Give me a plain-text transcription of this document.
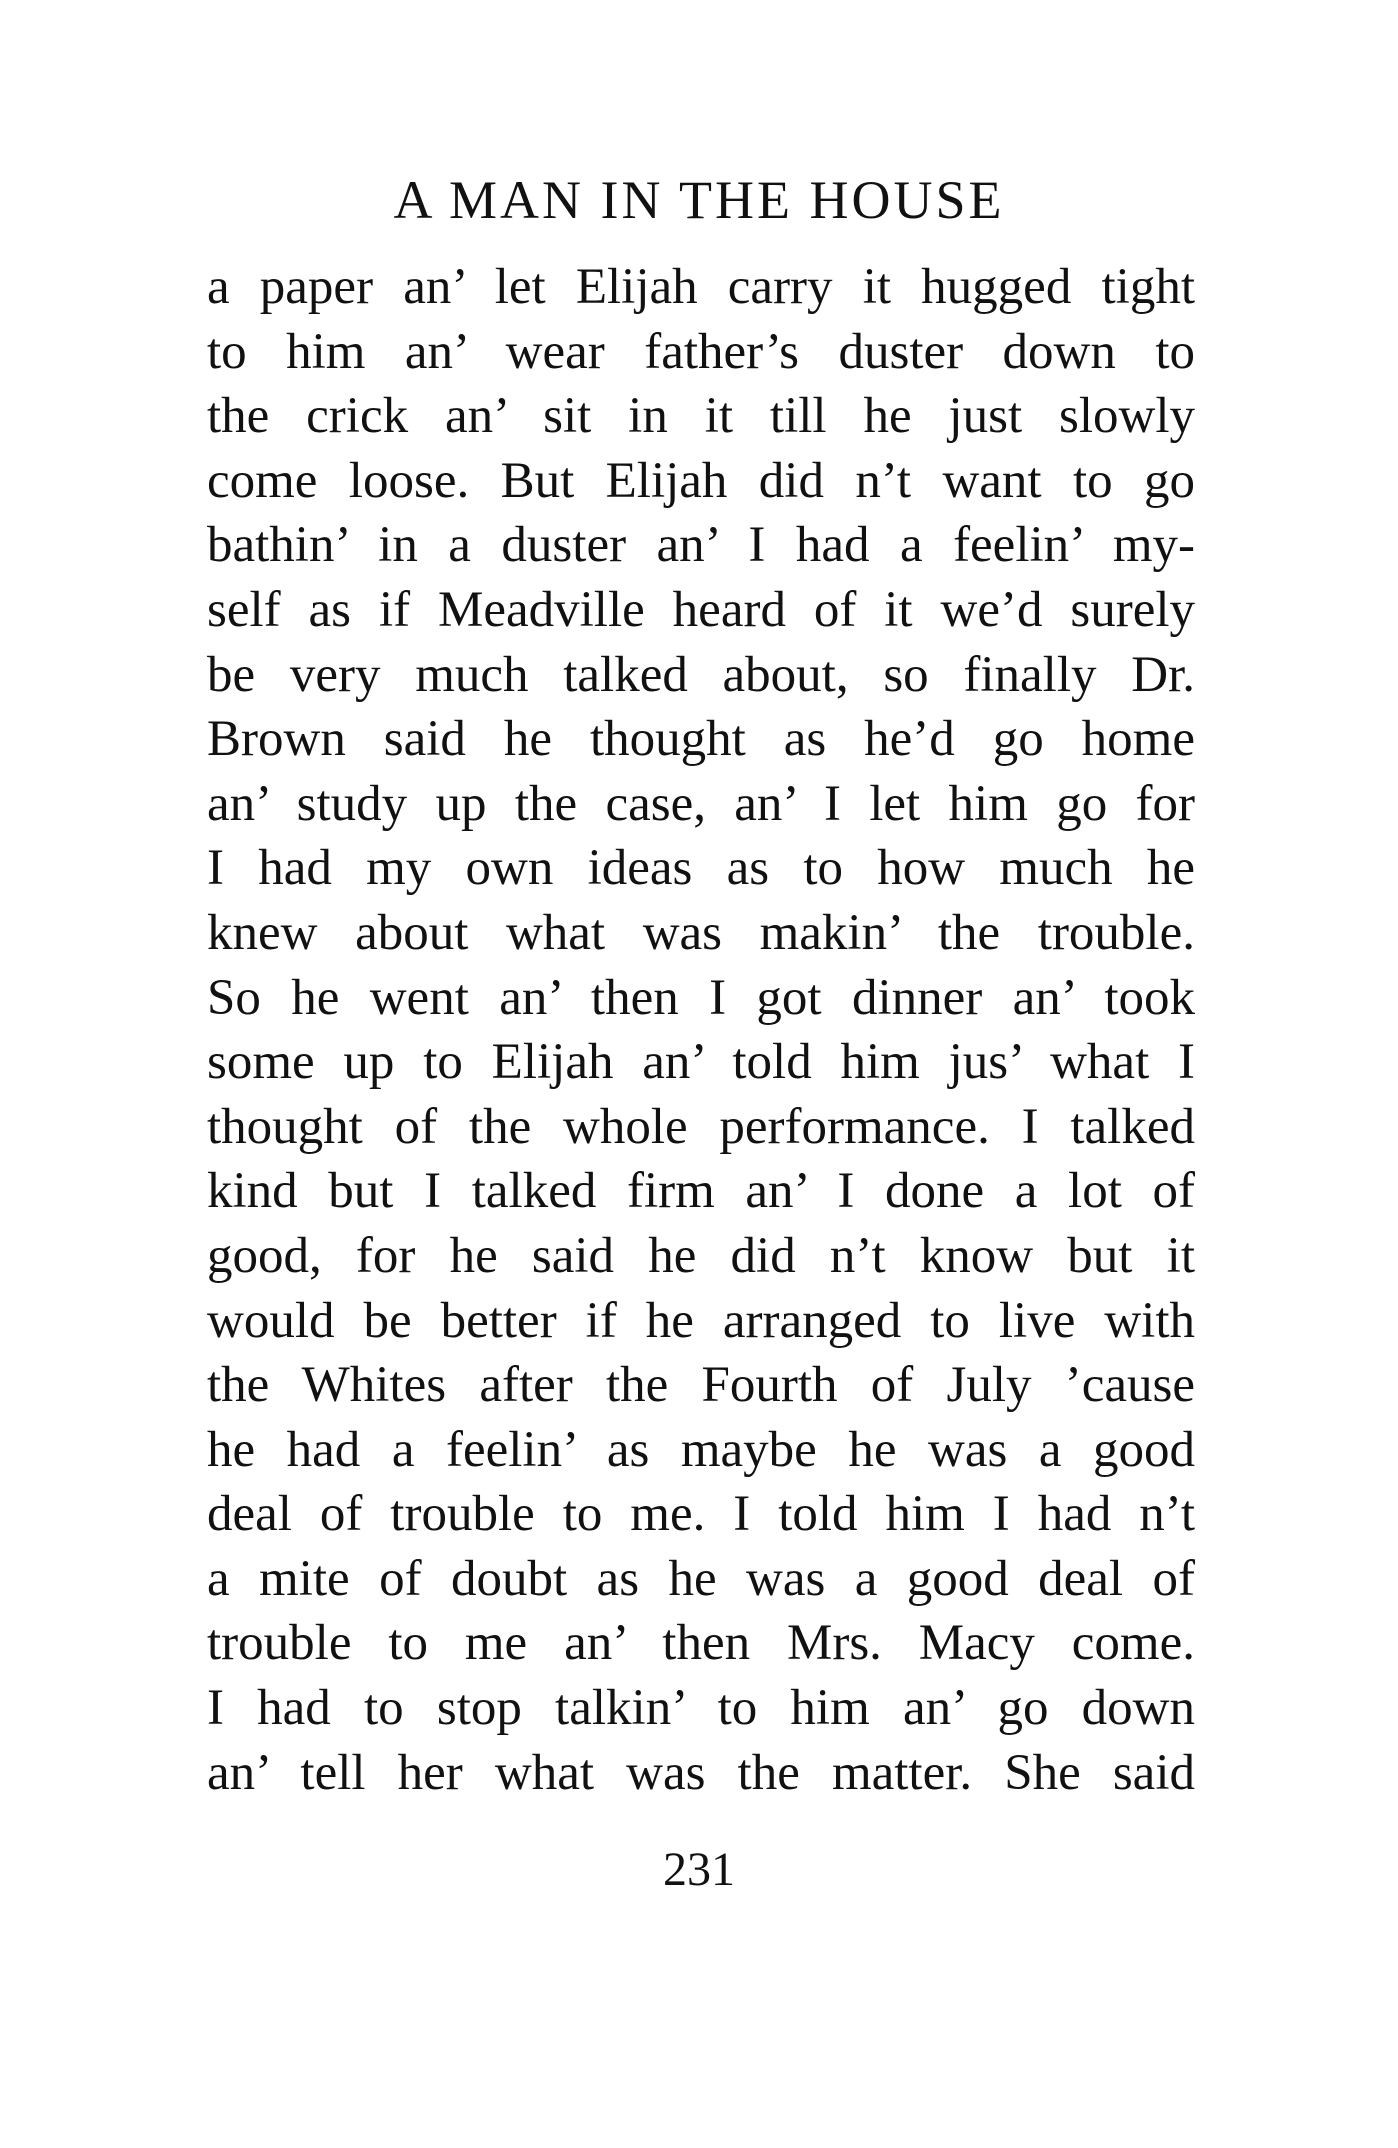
A MAN IN THE HOUSE
a paper an’ let Elijah carry it hugged tight
to him an’ wear father’s duster down to
the crick an’ sit in it till he just slowly
come loose. But Elijah did n’t want to go
bathin’ in a duster an’ I had a feelin’ my-
self as if Meadville heard of it we’d surely
be very much talked about, so finally Dr.
Brown said he thought as he’d go home
an’ study up the case, an’ I let him go for
I had my own ideas as to how much he
knew about what was makin’ the trouble.
So he went an’ then I got dinner an’ took
some up to Elijah an’ told him jus’ what I
thought of the whole performance. I talked
kind but I talked firm an’ I done a lot of
good, for he said he did n’t know but it
would be better if he arranged to live with
the Whites after the Fourth of July ’cause
he had a feelin’ as maybe he was a good
deal of trouble to me. I told him I had n’t
a mite of doubt as he was a good deal of
trouble to me an’ then Mrs. Macy come.
I had to stop talkin’ to him an’ go down
an’ tell her what was the matter. She said
231
